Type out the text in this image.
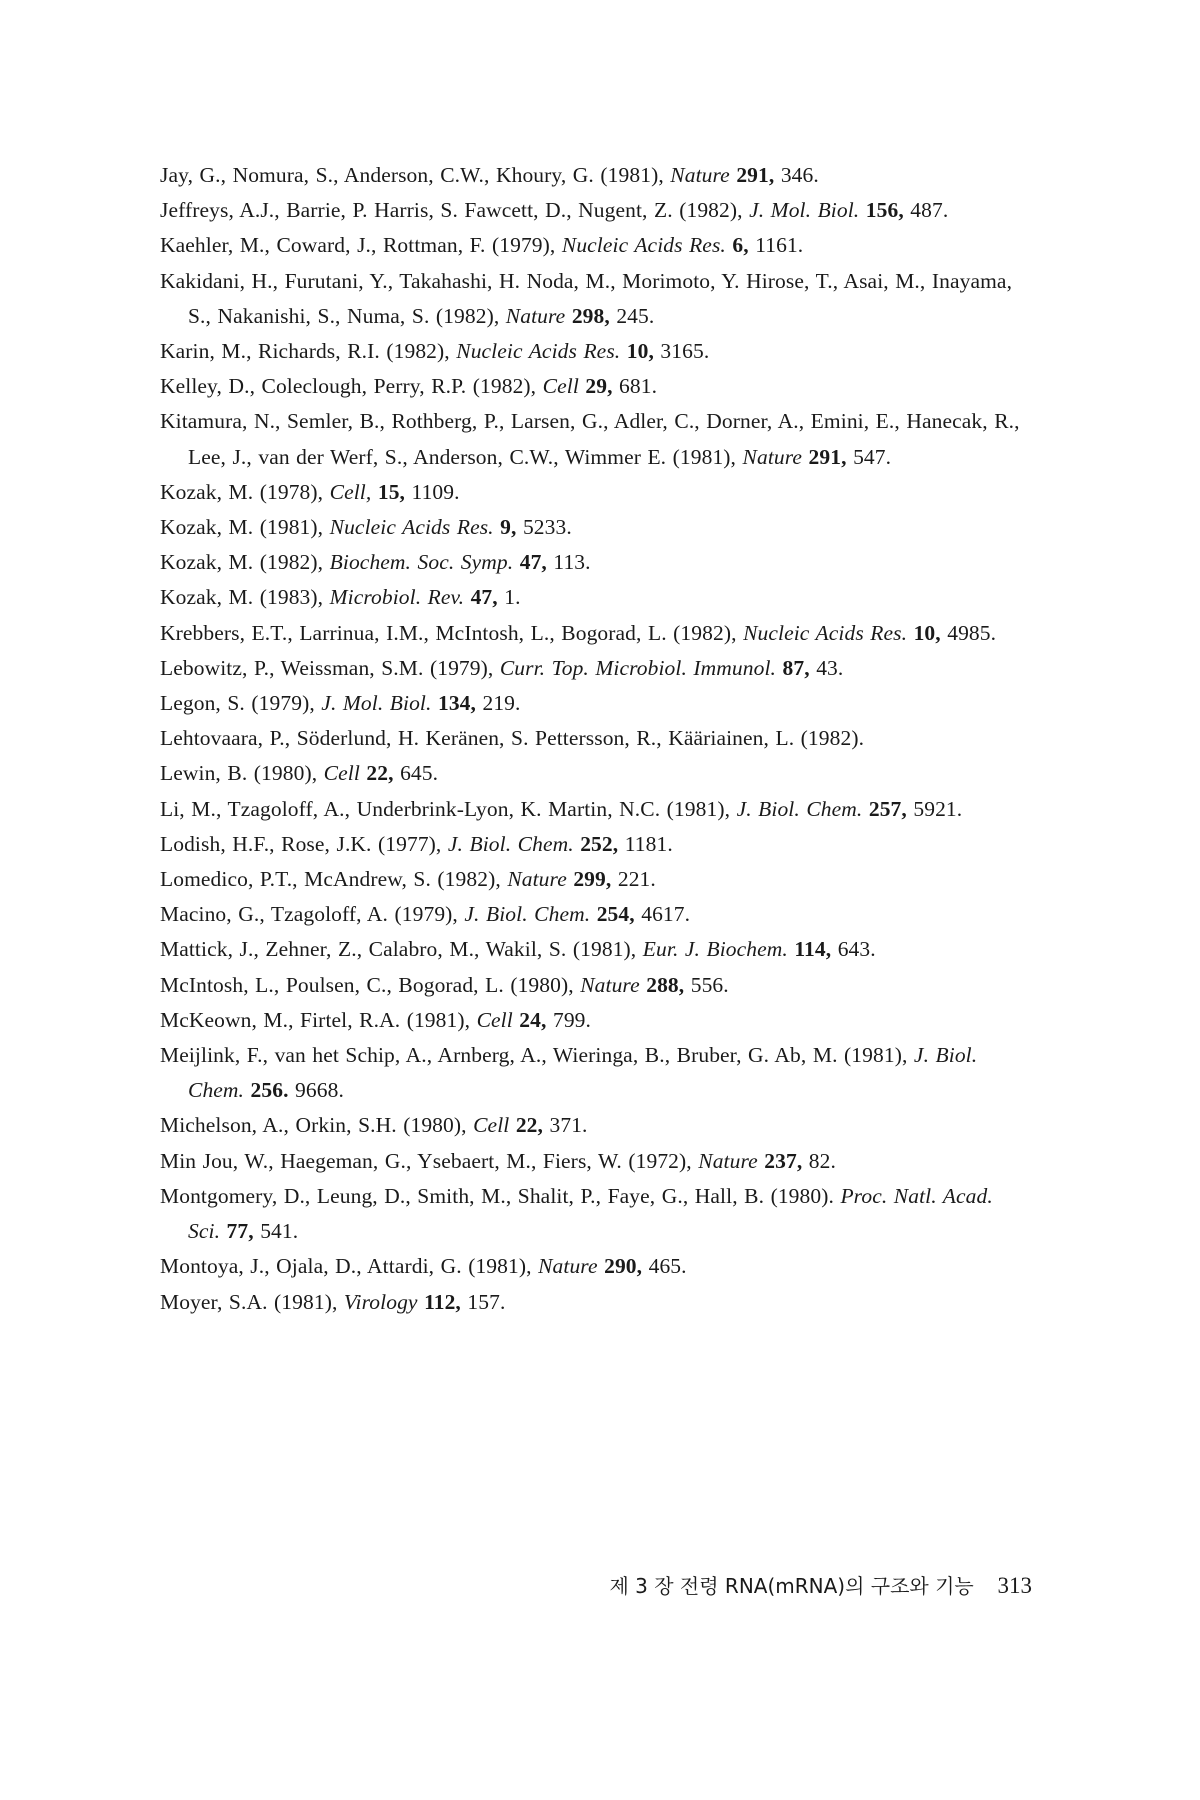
Jay, G., Nomura, S., Anderson, C.W., Khoury, G. (1981), Nature 291, 346.

Jeffreys, A.J., Barrie, P. Harris, S. Fawcett, D., Nugent, Z. (1982), J. Mol. Biol. 156, 487.

Kaehler, M., Coward, J., Rottman, F. (1979), Nucleic Acids Res. 6, 1161.

Kakidani, H., Furutani, Y., Takahashi, H. Noda, M., Morimoto, Y. Hirose, T., Asai, M., Inayama, S., Nakanishi, S., Numa, S. (1982), Nature 298, 245.

Karin, M., Richards, R.I. (1982), Nucleic Acids Res. 10, 3165.

Kelley, D., Coleclough, Perry, R.P. (1982), Cell 29, 681.

Kitamura, N., Semler, B., Rothberg, P., Larsen, G., Adler, C., Dorner, A., Emini, E., Hanecak, R., Lee, J., van der Werf, S., Anderson, C.W., Wimmer E. (1981), Nature 291, 547.

Kozak, M. (1978), Cell, 15, 1109.

Kozak, M. (1981), Nucleic Acids Res. 9, 5233.

Kozak, M. (1982), Biochem. Soc. Symp. 47, 113.

Kozak, M. (1983), Microbiol. Rev. 47, 1.

Krebbers, E.T., Larrinua, I.M., McIntosh, L., Bogorad, L. (1982), Nucleic Acids Res. 10, 4985.

Lebowitz, P., Weissman, S.M. (1979), Curr. Top. Microbiol. Immunol. 87, 43.

Legon, S. (1979), J. Mol. Biol. 134, 219.

Lehtovaara, P., Söderlund, H. Keränen, S. Pettersson, R., Kääriainen, L. (1982).

Lewin, B. (1980), Cell 22, 645.

Li, M., Tzagoloff, A., Underbrink-Lyon, K. Martin, N.C. (1981), J. Biol. Chem. 257, 5921.

Lodish, H.F., Rose, J.K. (1977), J. Biol. Chem. 252, 1181.

Lomedico, P.T., McAndrew, S. (1982), Nature 299, 221.

Macino, G., Tzagoloff, A. (1979), J. Biol. Chem. 254, 4617.

Mattick, J., Zehner, Z., Calabro, M., Wakil, S. (1981), Eur. J. Biochem. 114, 643.

McIntosh, L., Poulsen, C., Bogorad, L. (1980), Nature 288, 556.

McKeown, M., Firtel, R.A. (1981), Cell 24, 799.

Meijlink, F., van het Schip, A., Arnberg, A., Wieringa, B., Bruber, G. Ab, M. (1981), J. Biol. Chem. 256. 9668.

Michelson, A., Orkin, S.H. (1980), Cell 22, 371.

Min Jou, W., Haegeman, G., Ysebaert, M., Fiers, W. (1972), Nature 237, 82.

Montgomery, D., Leung, D., Smith, M., Shalit, P., Faye, G., Hall, B. (1980). Proc. Natl. Acad. Sci. 77, 541.

Montoya, J., Ojala, D., Attardi, G. (1981), Nature 290, 465.

Moyer, S.A. (1981), Virology 112, 157.

제 3 장 전령 RNA(mRNA)의 구조와 기능 313
